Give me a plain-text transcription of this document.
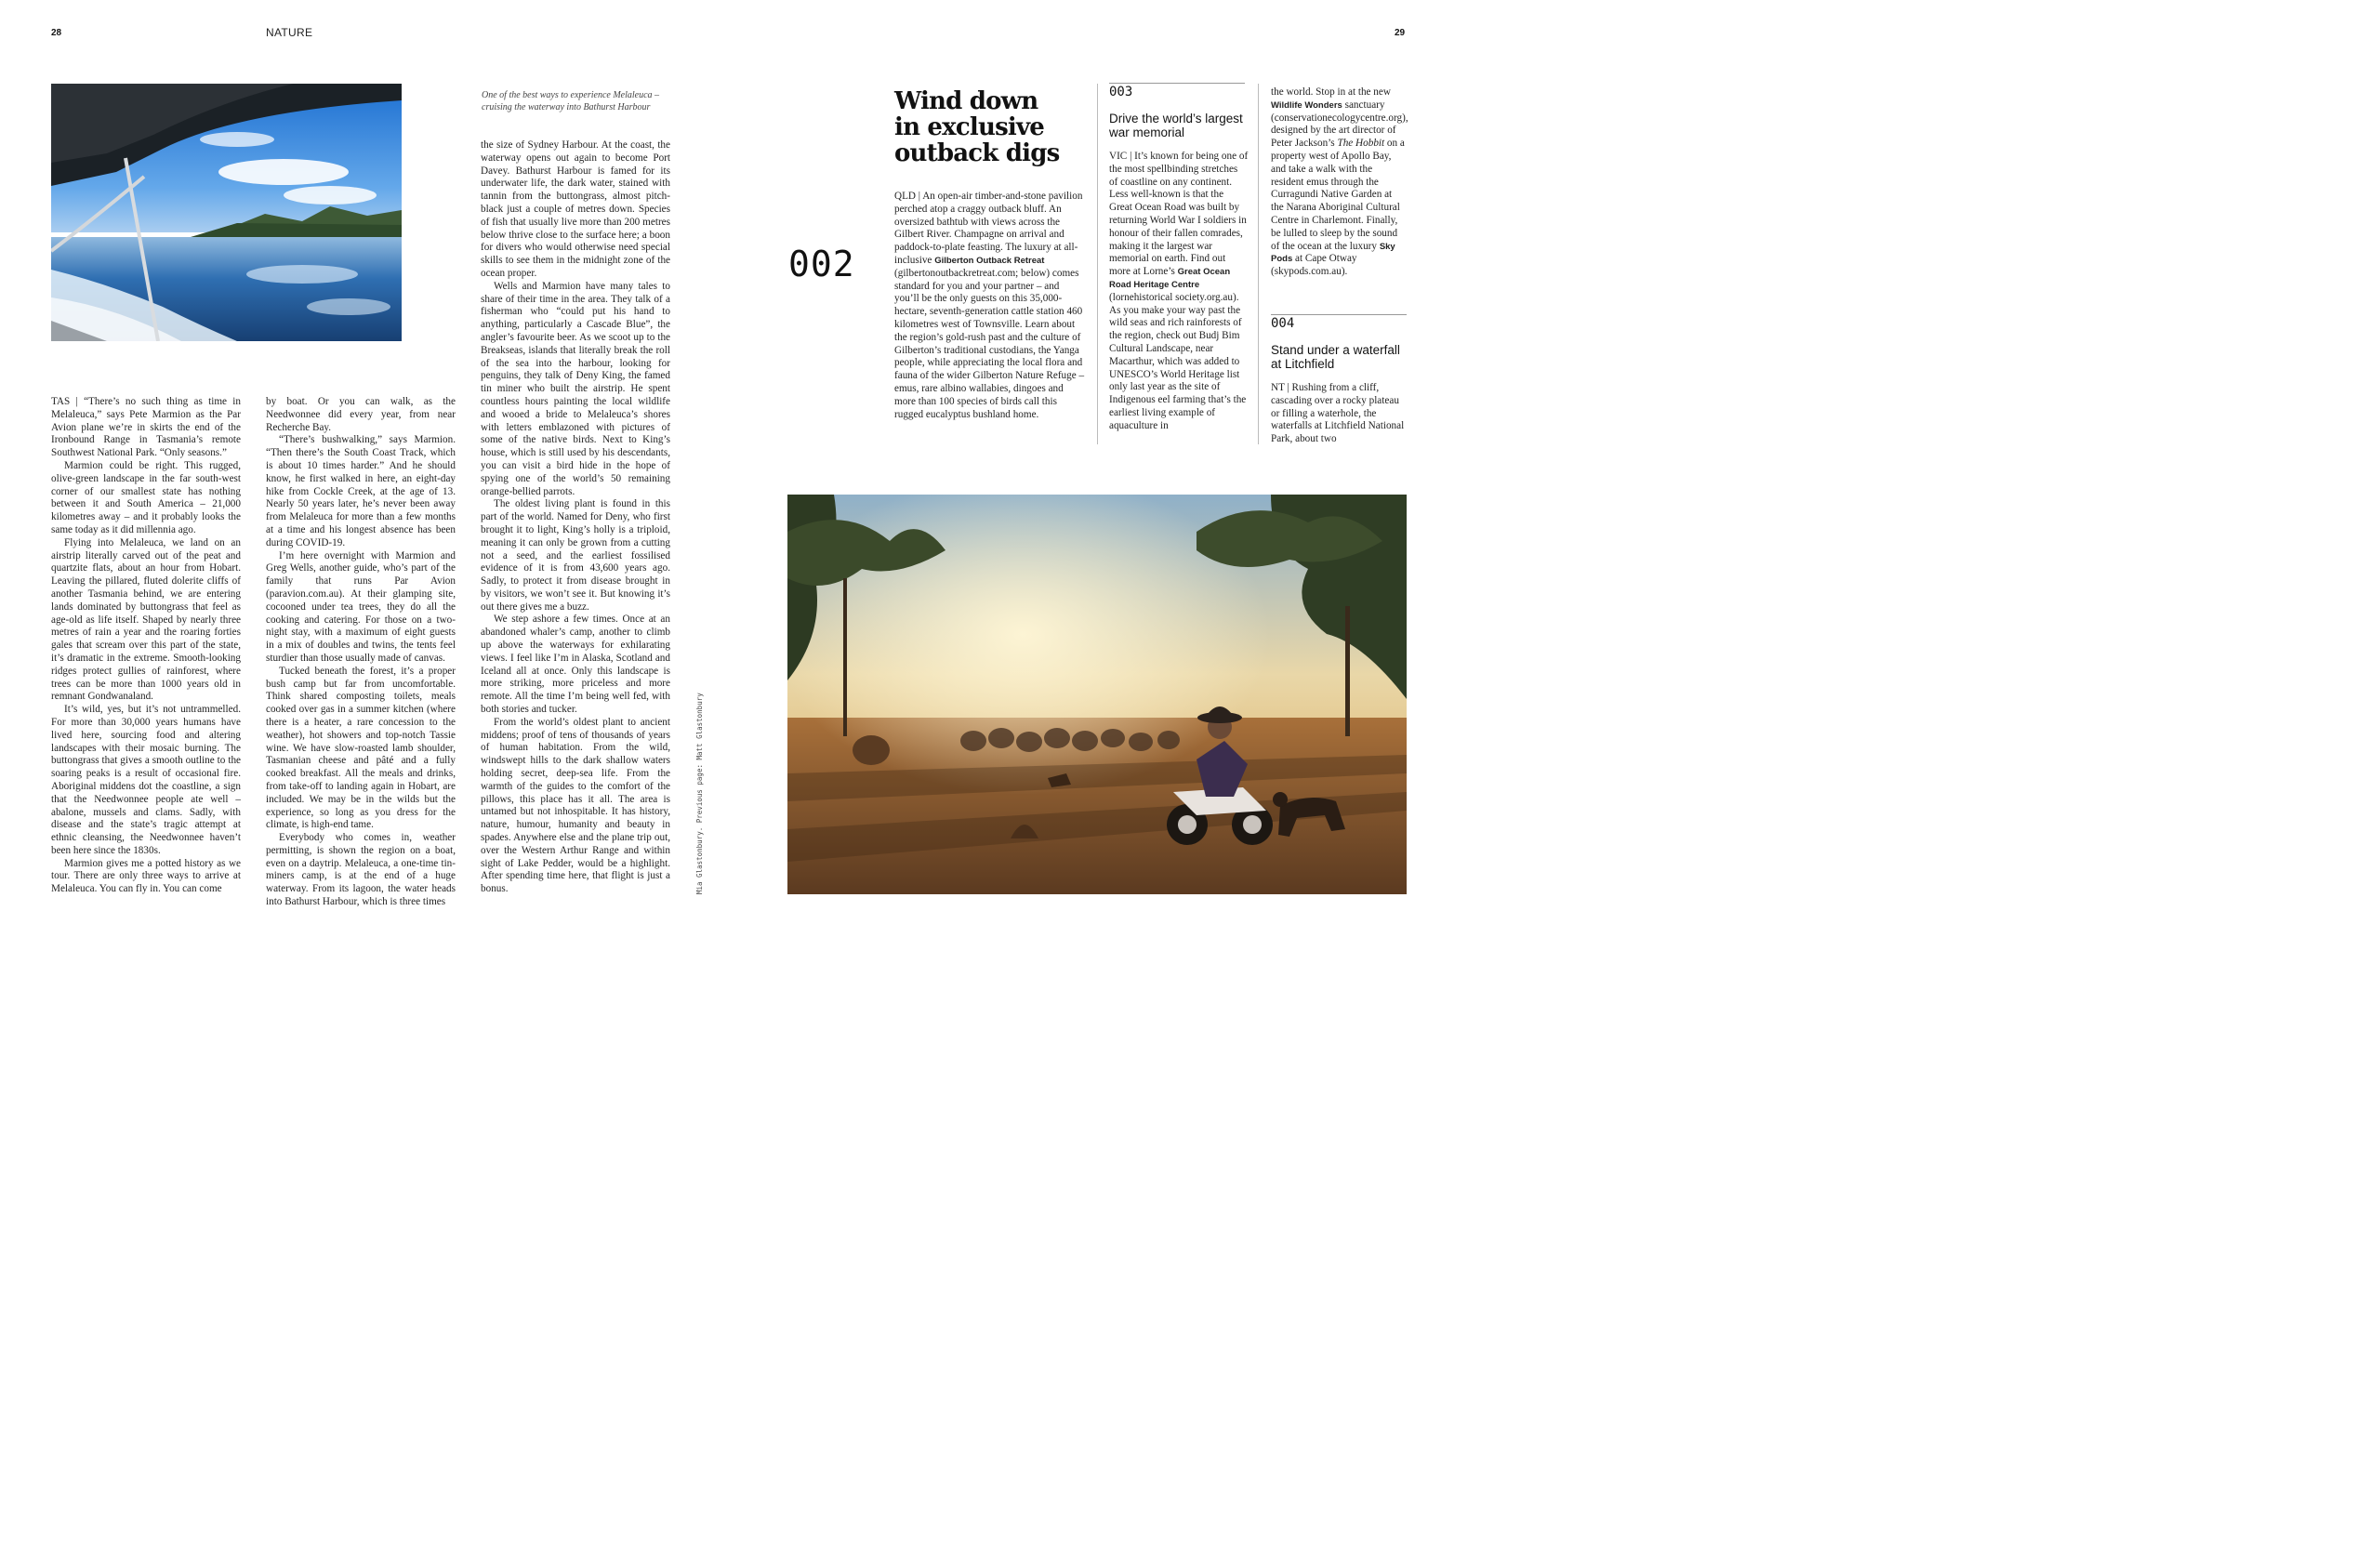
28	NATURE	29
One of the best ways to experience Melaleuca – cruising the waterway into Bathurst Harbour

TAS | “There’s no such thing as time in Melaleuca,” says Pete Marmion as the Par Avion plane we’re in skirts the end of the Ironbound Range in Tasmania’s remote Southwest National Park. “Only seasons.”

Marmion could be right. This rugged, olive-green landscape in the far south-west corner of our smallest state has nothing between it and South America – 21,000 kilometres away – and it probably looks the same today as it did millennia ago.

Flying into Melaleuca, we land on an airstrip literally carved out of the peat and quartzite flats, about an hour from Hobart. Leaving the pillared, fluted dolerite cliffs of another Tasmania behind, we are entering lands dominated by buttongrass that feel as age-old as life itself. Shaped by nearly three metres of rain a year and the roaring forties gales that scream over this part of the state, it’s dramatic in the extreme. Smooth-looking ridges protect gullies of rainforest, where trees can be more than 1000 years old in remnant Gondwanaland.

It’s wild, yes, but it’s not untrammelled. For more than 30,000 years humans have lived here, sourcing food and altering landscapes with their mosaic burning. The buttongrass that gives a smooth outline to the soaring peaks is a result of occasional fire. Aboriginal middens dot the coastline, a sign that the Needwonnee people ate well – abalone, mussels and clams. Sadly, with disease and the state’s tragic attempt at ethnic cleansing, the Needwonnee haven’t been here since the 1830s.

Marmion gives me a potted history as we tour. There are only three ways to arrive at Melaleuca. You can fly in. You can come

by boat. Or you can walk, as the Needwonnee did every year, from near Recherche Bay.

“There’s bushwalking,” says Marmion. “Then there’s the South Coast Track, which is about 10 times harder.” And he should know, he first walked in here, an eight-day hike from Cockle Creek, at the age of 13. Nearly 50 years later, he’s never been away from Melaleuca for more than a few months at a time and his longest absence has been during COVID-19.

I’m here overnight with Marmion and Greg Wells, another guide, who’s part of the family that runs Par Avion (paravion.com.au). At their glamping site, cocooned under tea trees, they do all the cooking and catering. For those on a two-night stay, with a maximum of eight guests in a mix of doubles and twins, the tents feel sturdier than those usually made of canvas.

Tucked beneath the forest, it’s a proper bush camp but far from uncomfortable. Think shared composting toilets, meals cooked over gas in a summer kitchen (where there is a heater, a rare concession to the weather), hot showers and top-notch Tassie wine. We have slow-roasted lamb shoulder, Tasmanian cheese and pâté and a fully cooked breakfast. All the meals and drinks, from take-off to landing again in Hobart, are included. We may be in the wilds but the experience, so long as you dress for the climate, is high-end tame.

Everybody who comes in, weather permitting, is shown the region on a boat, even on a daytrip. Melaleuca, a one-time tin-miners camp, is at the end of a huge waterway. From its lagoon, the water heads into Bathurst Harbour, which is three times

the size of Sydney Harbour. At the coast, the waterway opens out again to become Port Davey. Bathurst Harbour is famed for its underwater life, the dark water, stained with tannin from the buttongrass, almost pitch-black just a couple of metres down. Species of fish that usually live more than 200 metres below thrive close to the surface here; a boon for divers who would otherwise need special skills to see them in the midnight zone of the ocean proper.

Wells and Marmion have many tales to share of their time in the area. They talk of a fisherman who “could put his hand to anything, particularly a Cascade Blue”, the angler’s favourite beer. As we scoot up to the Breakseas, islands that literally break the roll of the sea into the harbour, looking for penguins, they talk of Deny King, the famed tin miner who built the airstrip. He spent countless hours painting the local wildlife and wooed a bride to Melaleuca’s shores with letters emblazoned with pictures of some of the native birds. Next to King’s house, which is still used by his descendants, you can visit a bird hide in the hope of spying one of the world’s 50 remaining orange-bellied parrots.

The oldest living plant is found in this part of the world. Named for Deny, who first brought it to light, King’s holly is a triploid, meaning it can only be grown from a cutting not a seed, and the earliest fossilised evidence of it is from 43,600 years ago. Sadly, to protect it from disease brought in by visitors, we won’t see it. But knowing it’s out there gives me a buzz.

We step ashore a few times. Once at an abandoned whaler’s camp, another to climb up above the waterways for exhilarating views. I feel like I’m in Alaska, Scotland and Iceland all at once. Only this landscape is more striking, more priceless and more remote. All the time I’m being well fed, with both stories and tucker.

From the world’s oldest plant to ancient middens; proof of tens of thousands of years of human habitation. From the wild, windswept hills to the dark shallow waters holding secret, deep-sea life. From the warmth of the guides to the comfort of the pillows, this place has it all. The area is untamed but not inhospitable. It has history, nature, humour, humanity and beauty in spades. Anywhere else and the plane trip out, over the Western Arthur Range and within sight of Lake Pedder, would be a highlight. After spending time here, that flight is just a bonus.	Mia Glastonbury. Previous page: Matt Glastonbury
002
Wind down
in exclusive
outback digs

QLD | An open-air timber-and-stone pavilion perched atop a craggy outback bluff. An oversized bathtub with views across the Gilbert River. Champagne on arrival and paddock-to-plate feasting. The luxury at all-inclusive Gilberton Outback Retreat (gilbertonoutbackretreat.com; below) comes standard for you and your partner – and you’ll be the only guests on this 35,000-hectare, seventh-generation cattle station 460 kilometres west of Townsville. Learn about the region’s gold-rush past and the culture of Gilberton’s traditional custodians, the Yanga people, while appreciating the local flora and fauna of the wider Gilberton Nature Refuge – emus, rare albino wallabies, dingoes and more than 100 species of birds call this rugged eucalyptus bushland home.

003
Drive the world’s largest war memorial

VIC | It’s known for being one of the most spellbinding stretches of coastline on any continent. Less well-known is that the Great Ocean Road was built by returning World War I soldiers in honour of their fallen comrades, making it the largest war memorial on earth. Find out more at Lorne’s Great Ocean Road Heritage Centre (lornehistorical society.org.au). As you make your way past the wild seas and rich rainforests of the region, check out Budj Bim Cultural Landscape, near Macarthur, which was added to UNESCO’s World Heritage list only last year as the site of Indigenous eel farming that’s the earliest living example of aquaculture in

the world. Stop in at the new Wildlife Wonders sanctuary (conservationecologycentre.org), designed by the art director of Peter Jackson’s The Hobbit on a property west of Apollo Bay, and take a walk with the resident emus through the Curragundi Native Garden at the Narana Aboriginal Cultural Centre in Charlemont. Finally, be lulled to sleep by the sound of the ocean at the luxury Sky Pods at Cape Otway (skypods.com.au).

004
Stand under a waterfall at Litchfield
NT | Rushing from a cliff, cascading over a rocky plateau or filling a waterhole, the waterfalls at Litchfield National Park, about two
